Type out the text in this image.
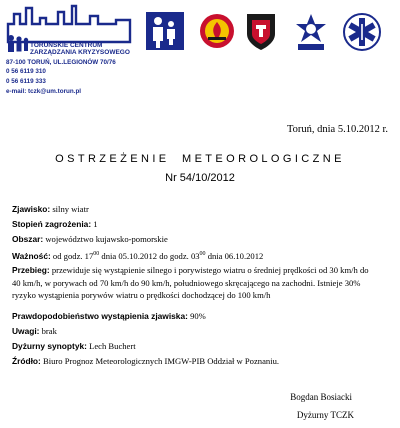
TORUŃSKIE CENTRUM
ZARZĄDZANIA KRYZYSOWEGO
87-100 TORUŃ, UL.LEGIONÓW 70/76
0 56 6119 310
0 56 6119 333
e-mail: tczk@um.torun.pl
Toruń, dnia 5.10.2012 r.
OSTRZEŻENIE METEOROLOGICZNE
Nr 54/10/2012
Zjawisko: silny wiatr
Stopień zagrożenia: 1
Obszar: województwo kujawsko-pomorskie
Ważność: od godz. $17^{00}$ dnia 05.10.2012 do godz. $03^{00}$ dnia 06.10.2012
Przebieg: przewiduje się wystąpienie silnego i porywistego wiatru o średniej prędkości od 30 km/h do
40 km/h, w porywach od 70 km/h do 90 km/h, południowego skręcającego na zachodni. Istnieje 30%
ryzyko wystąpienia porywów wiatru o prędkości dochodzącej do 100 km/h
Prawdopodobieństwo wystąpienia zjawiska: 90%
Uwagi: brak
Dyżurny synoptyk: Lech Buchert
Źródło: Biuro Prognoz Meteorologicznych IMGW-PIB Oddział w Poznaniu.
Bogdan Bosiacki
Dyżurny TCZK
